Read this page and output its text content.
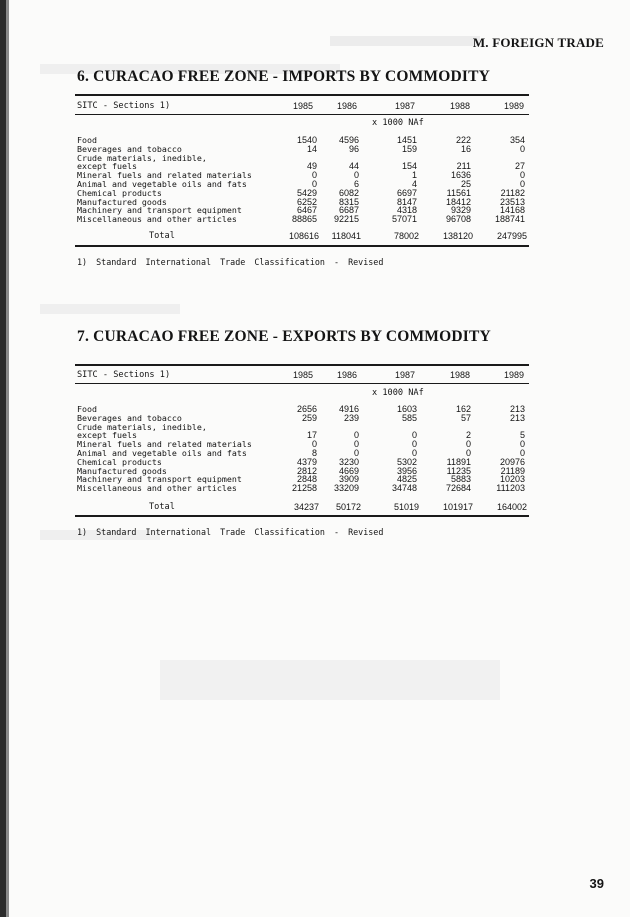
M. FOREIGN TRADE
6. CURACAO FREE ZONE - IMPORTS BY COMMODITY
SITC - Sections 1)	1985	1986	1987	1988	1989
x 1000 NAf
Food	1540	4596	1451	222	354
Beverages and tobacco	14	96	159	16	0
Crude materials, inedible,
except fuels	49	44	154	211	27
Mineral fuels and related materials	0	0	1	1636	0
Animal and vegetable oils and fats	0	6	4	25	0
Chemical products	5429	6082	6697	11561	21182
Manufactured goods	6252	8315	8147	18412	23513
Machinery and transport equipment	6467	6687	4318	9329	14168
Miscellaneous and other articles	88865	92215	57071	96708	188741
Total	108616	118041	78002	138120	247995
1) Standard International Trade Classification - Revised
7. CURACAO FREE ZONE - EXPORTS BY COMMODITY
SITC - Sections 1)	1985	1986	1987	1988	1989
x 1000 NAf
Food	2656	4916	1603	162	213
Beverages and tobacco	259	239	585	57	213
Crude materials, inedible,
except fuels	17	0	0	2	5
Mineral fuels and related materials	0	0	0	0	0
Animal and vegetable oils and fats	8	0	0	0	0
Chemical products	4379	3230	5302	11891	20976
Manufactured goods	2812	4669	3956	11235	21189
Machinery and transport equipment	2848	3909	4825	5883	10203
Miscellaneous and other articles	21258	33209	34748	72684	111203
Total	34237	50172	51019	101917	164002
1) Standard International Trade Classification - Revised
39
